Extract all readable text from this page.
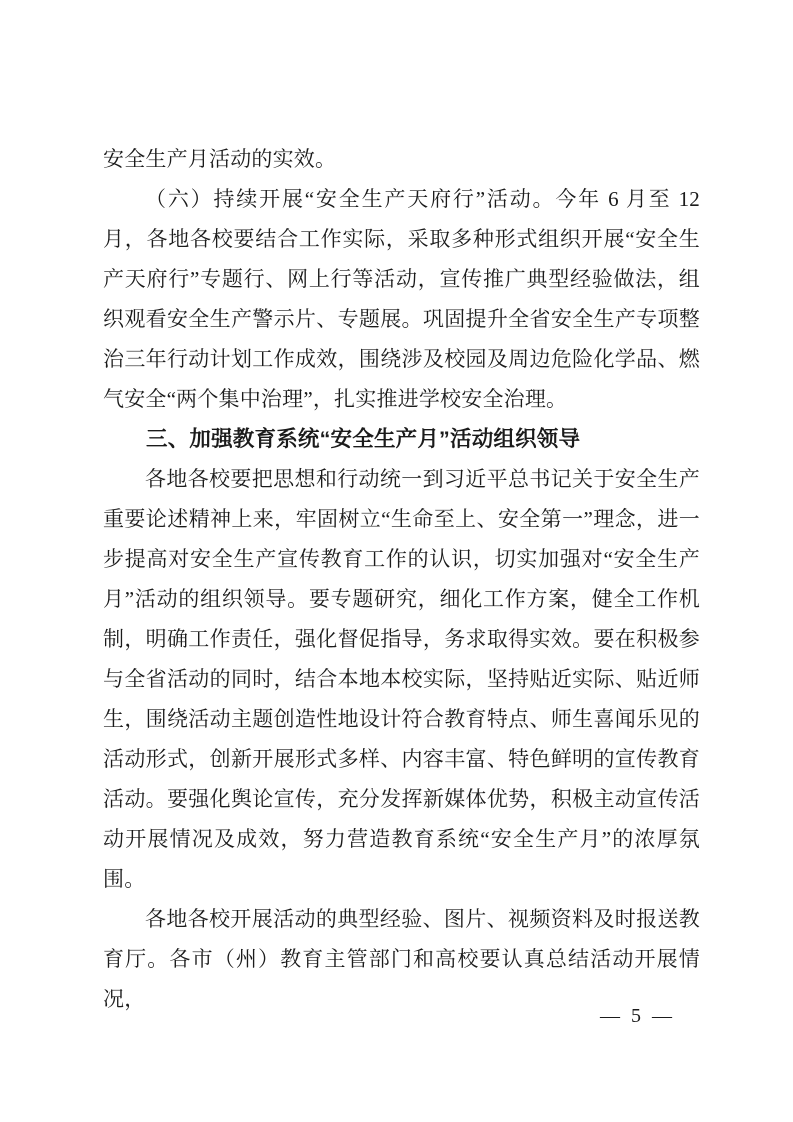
安全生产月活动的实效。

（六）持续开展“安全生产天府行”活动。今年 6 月至 12 月，各地各校要结合工作实际，采取多种形式组织开展“安全生产天府行”专题行、网上行等活动，宣传推广典型经验做法，组织观看安全生产警示片、专题展。巩固提升全省安全生产专项整治三年行动计划工作成效，围绕涉及校园及周边危险化学品、燃气安全“两个集中治理”，扎实推进学校安全治理。

三、加强教育系统“安全生产月”活动组织领导

各地各校要把思想和行动统一到习近平总书记关于安全生产重要论述精神上来，牢固树立“生命至上、安全第一”理念，进一步提高对安全生产宣传教育工作的认识，切实加强对“安全生产月”活动的组织领导。要专题研究，细化工作方案，健全工作机制，明确工作责任，强化督促指导，务求取得实效。要在积极参与全省活动的同时，结合本地本校实际，坚持贴近实际、贴近师生，围绕活动主题创造性地设计符合教育特点、师生喜闻乐见的活动形式，创新开展形式多样、内容丰富、特色鲜明的宣传教育活动。要强化舆论宣传，充分发挥新媒体优势，积极主动宣传活动开展情况及成效，努力营造教育系统“安全生产月”的浓厚氛围。

各地各校开展活动的典型经验、图片、视频资料及时报送教育厅。各市（州）教育主管部门和高校要认真总结活动开展情况，

— 5 —
